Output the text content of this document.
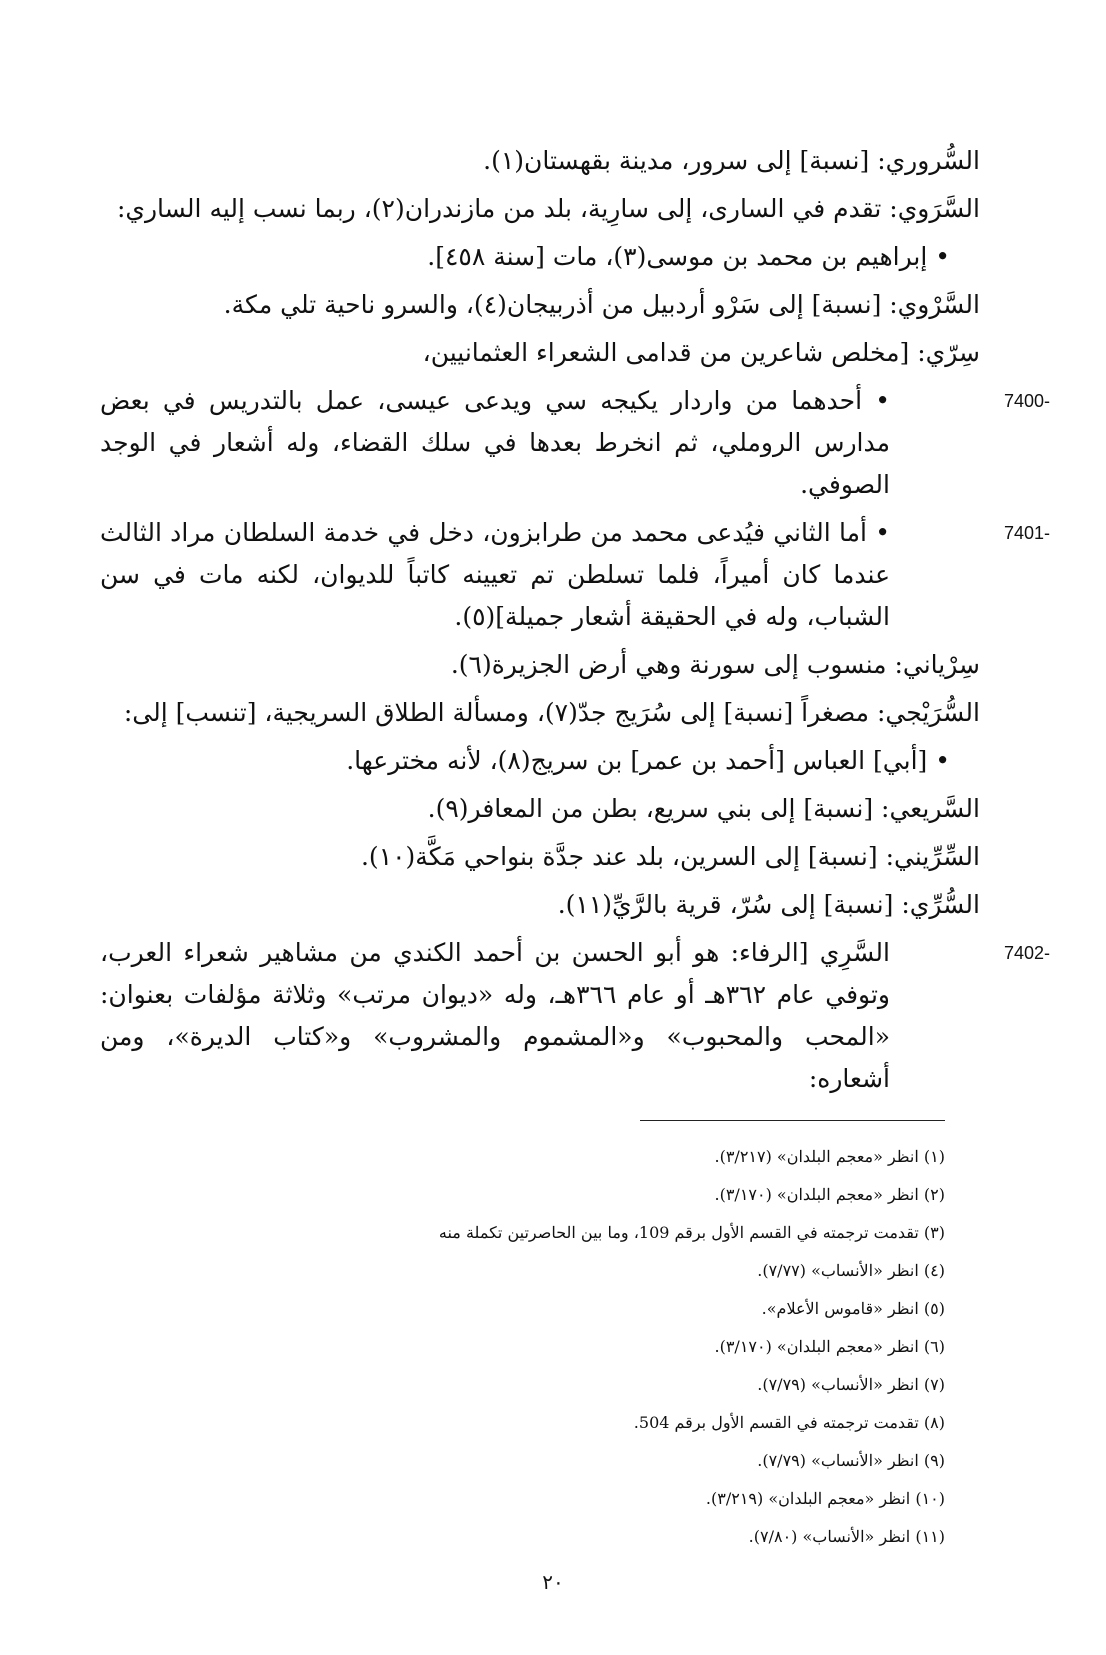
السُّروري: [نسبة] إلى سرور، مدينة بقهستان(١).

السَّرَوي: تقدم في السارى، إلى سارِية، بلد من مازندران(٢)، ربما نسب إليه الساري:

• إبراهيم بن محمد بن موسى(٣)، مات [سنة ٤٥٨].

السَّرْوي: [نسبة] إلى سَرْو أردبيل من أذربيجان(٤)، والسرو ناحية تلي مكة.

سِرّي: [مخلص شاعرين من قدامى الشعراء العثمانيين،

7400-
• أحدهما من واردار يكيجه سي ويدعى عيسى، عمل بالتدريس في بعض مدارس الروملي، ثم انخرط بعدها في سلك القضاء، وله أشعار في الوجد الصوفي.
7401-
• أما الثاني فيُدعى محمد من طرابزون، دخل في خدمة السلطان مراد الثالث عندما كان أميراً، فلما تسلطن تم تعيينه كاتباً للديوان، لكنه مات في سن الشباب، وله في الحقيقة أشعار جميلة](٥).

سِرْياني: منسوب إلى سورنة وهي أرض الجزيرة(٦).

السُّرَيْجي: مصغراً [نسبة] إلى سُرَيج جدّ(٧)، ومسألة الطلاق السريجية، [تنسب] إلى:

• [أبي] العباس [أحمد بن عمر] بن سريج(٨)، لأنه مخترعها.

السَّريعي: [نسبة] إلى بني سريع، بطن من المعافر(٩).

السِّرِّيني: [نسبة] إلى السرين، بلد عند جدَّة بنواحي مَكَّة(١٠).

السُّرِّي: [نسبة] إلى سُرّ، قرية بالرَّيِّ(١١).

7402-
السَّرِي [الرفاء: هو أبو الحسن بن أحمد الكندي من مشاهير شعراء العرب، وتوفي عام ٣٦٢هـ أو عام ٣٦٦هـ، وله «ديوان مرتب» وثلاثة مؤلفات بعنوان: «المحب والمحبوب» و«المشموم والمشروب» و«كتاب الديرة»، ومن أشعاره:

(١) انظر «معجم البلدان» (٣/٢١٧).

(٢) انظر «معجم البلدان» (٣/١٧٠).

(٣) تقدمت ترجمته في القسم الأول برقم 109، وما بين الحاصرتين تكملة منه

(٤) انظر «الأنساب» (٧/٧٧).

(٥) انظر «قاموس الأعلام».

(٦) انظر «معجم البلدان» (٣/١٧٠).

(٧) انظر «الأنساب» (٧/٧٩).

(٨) تقدمت ترجمته في القسم الأول برقم 504.

(٩) انظر «الأنساب» (٧/٧٩).

(١٠) انظر «معجم البلدان» (٣/٢١٩).

(١١) انظر «الأنساب» (٧/٨٠).

٢٠
